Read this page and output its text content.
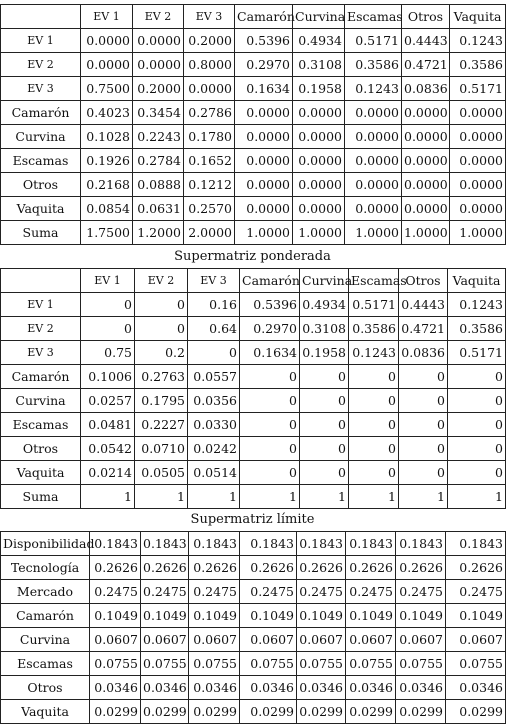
	EV 1	EV 2	EV 3	Camarón	Curvina	Escamas	Otros	Vaquita
EV 1	0.0000	0.0000	0.2000	0.5396	0.4934	0.5171	0.4443	0.1243
EV 2	0.0000	0.0000	0.8000	0.2970	0.3108	0.3586	0.4721	0.3586
EV 3	0.7500	0.2000	0.0000	0.1634	0.1958	0.1243	0.0836	0.5171
Camarón	0.4023	0.3454	0.2786	0.0000	0.0000	0.0000	0.0000	0.0000
Curvina	0.1028	0.2243	0.1780	0.0000	0.0000	0.0000	0.0000	0.0000
Escamas	0.1926	0.2784	0.1652	0.0000	0.0000	0.0000	0.0000	0.0000
Otros	0.2168	0.0888	0.1212	0.0000	0.0000	0.0000	0.0000	0.0000
Vaquita	0.0854	0.0631	0.2570	0.0000	0.0000	0.0000	0.0000	0.0000
Suma	1.7500	1.2000	2.0000	1.0000	1.0000	1.0000	1.0000	1.0000
Supermatriz ponderada
	EV 1	EV 2	EV 3	Camarón	Curvina	Escamas	Otros	Vaquita
EV 1	0	0	0.16	0.5396	0.4934	0.5171	0.4443	0.1243
EV 2	0	0	0.64	0.2970	0.3108	0.3586	0.4721	0.3586
EV 3	0.75	0.2	0	0.1634	0.1958	0.1243	0.0836	0.5171
Camarón	0.1006	0.2763	0.0557	0	0	0	0	0
Curvina	0.0257	0.1795	0.0356	0	0	0	0	0
Escamas	0.0481	0.2227	0.0330	0	0	0	0	0
Otros	0.0542	0.0710	0.0242	0	0	0	0	0
Vaquita	0.0214	0.0505	0.0514	0	0	0	0	0
Suma	1	1	1	1	1	1	1	1
Supermatriz límite
Disponibilidad	0.1843	0.1843	0.1843	0.1843	0.1843	0.1843	0.1843	0.1843
Tecnología	0.2626	0.2626	0.2626	0.2626	0.2626	0.2626	0.2626	0.2626
Mercado	0.2475	0.2475	0.2475	0.2475	0.2475	0.2475	0.2475	0.2475
Camarón	0.1049	0.1049	0.1049	0.1049	0.1049	0.1049	0.1049	0.1049
Curvina	0.0607	0.0607	0.0607	0.0607	0.0607	0.0607	0.0607	0.0607
Escamas	0.0755	0.0755	0.0755	0.0755	0.0755	0.0755	0.0755	0.0755
Otros	0.0346	0.0346	0.0346	0.0346	0.0346	0.0346	0.0346	0.0346
Vaquita	0.0299	0.0299	0.0299	0.0299	0.0299	0.0299	0.0299	0.0299
